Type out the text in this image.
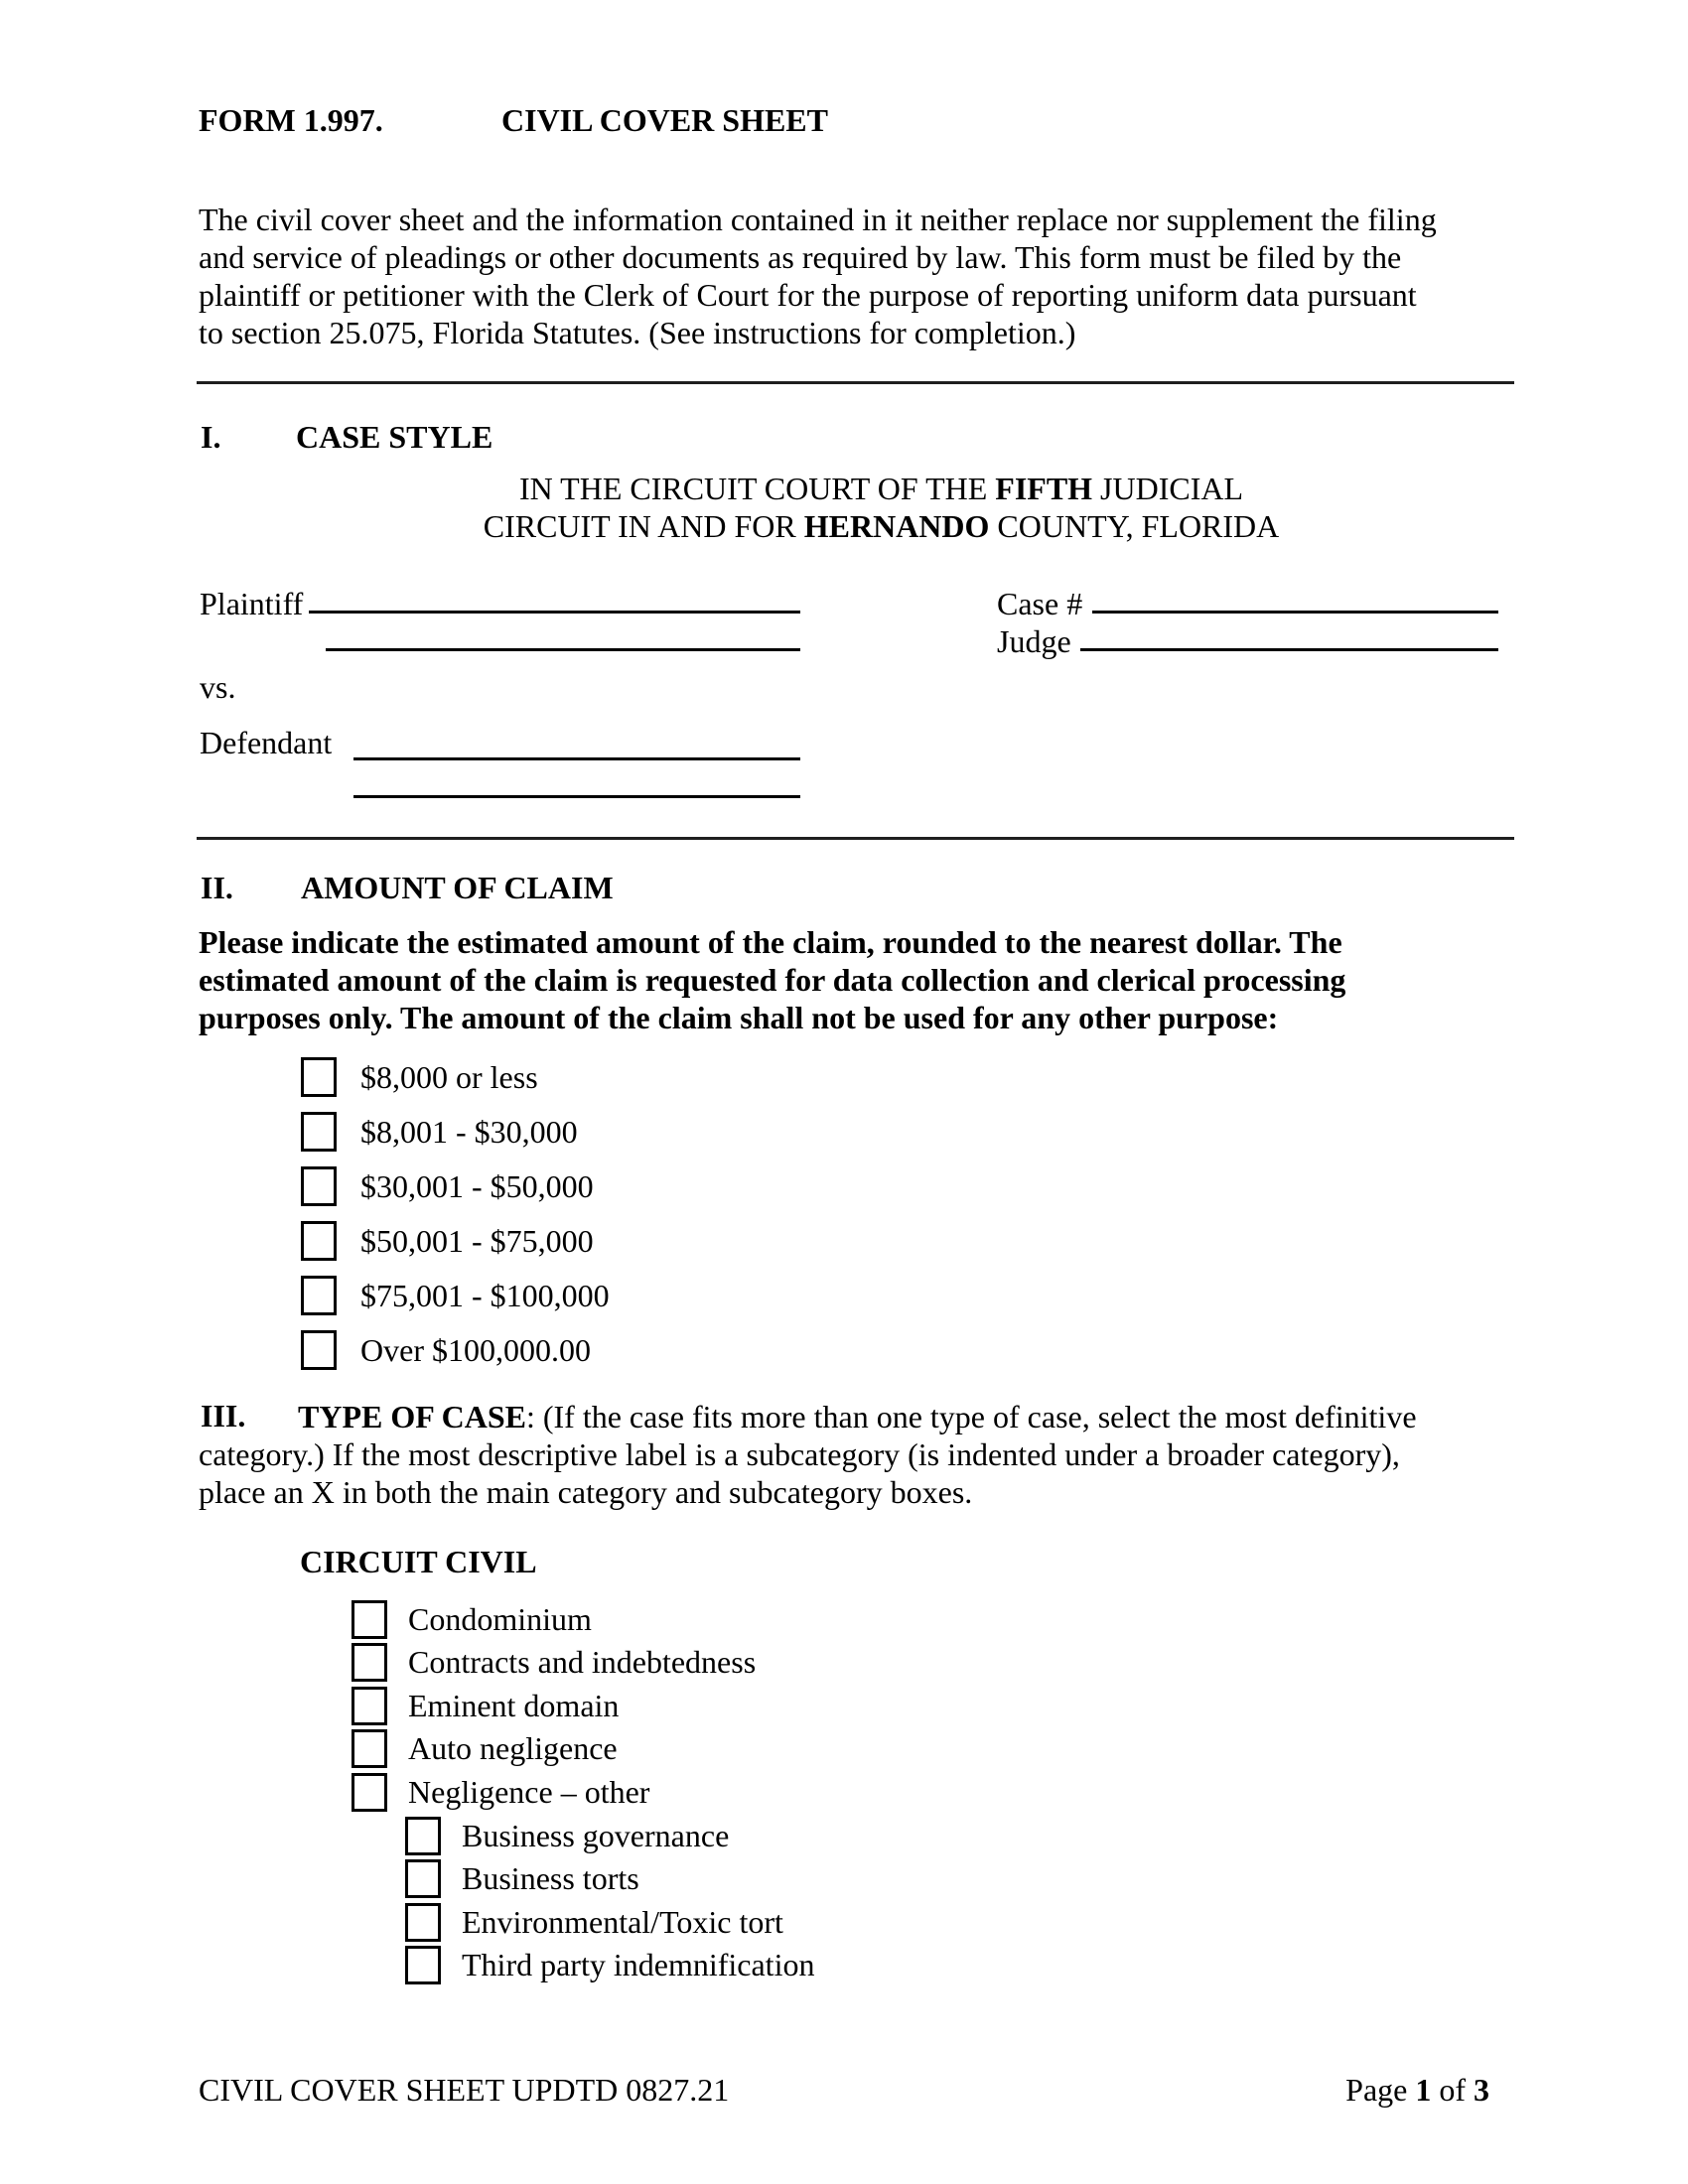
FORM 1.997.	CIVIL COVER SHEET
The civil cover sheet and the information contained in it neither replace nor supplement the filing
and service of pleadings or other documents as required by law. This form must be filed by the
plaintiff or petitioner with the Clerk of Court for the purpose of reporting uniform data pursuant
to section 25.075, Florida Statutes. (See instructions for completion.)
I. CASE STYLE
IN THE CIRCUIT COURT OF THE FIFTH JUDICIAL
CIRCUIT IN AND FOR HERNANDO COUNTY, FLORIDA
Plaintiff	Case #
Judge
vs.
Defendant
II. AMOUNT OF CLAIM
Please indicate the estimated amount of the claim, rounded to the nearest dollar. The
estimated amount of the claim is requested for data collection and clerical processing
purposes only. The amount of the claim shall not be used for any other purpose:
$8,000 or less
$8,001 - $30,000
$30,001 - $50,000
$50,001 - $75,000
$75,001 - $100,000
Over $100,000.00
III. TYPE OF CASE: (If the case fits more than one type of case, select the most definitive
category.) If the most descriptive label is a subcategory (is indented under a broader category),
place an X in both the main category and subcategory boxes.
CIRCUIT CIVIL
Condominium
Contracts and indebtedness
Eminent domain
Auto negligence
Negligence – other
Business governance
Business torts
Environmental/Toxic tort
Third party indemnification
CIVIL COVER SHEET UPDTD 0827.21	Page 1 of 3
